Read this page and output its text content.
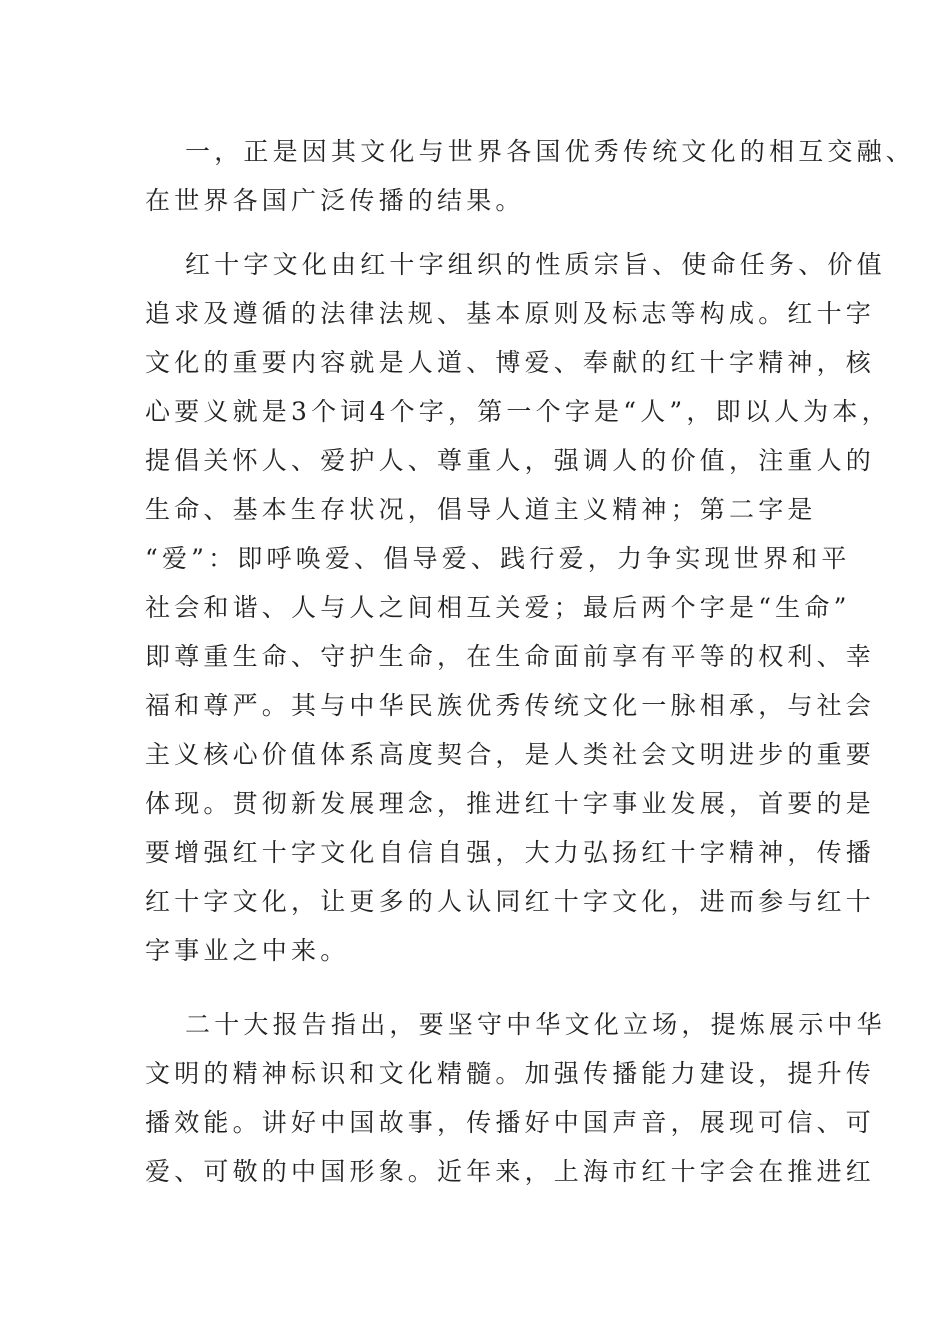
一，正是因其文化与世界各国优秀传统文化的相互交融、
在世界各国广泛传播的结果。
红十字文化由红十字组织的性质宗旨、使命任务、价值
追求及遵循的法律法规、基本原则及标志等构成。红十字
文化的重要内容就是人道、博爱、奉献的红十字精神，核
心要义就是3个词4个字，第一个字是“人”，即以人为本，
提倡关怀人、爱护人、尊重人，强调人的价值，注重人的
生命、基本生存状况，倡导人道主义精神；第二字是
“爱”：即呼唤爱、倡导爱、践行爱，力争实现世界和平
社会和谐、人与人之间相互关爱；最后两个字是“生命”
即尊重生命、守护生命，在生命面前享有平等的权利、幸
福和尊严。其与中华民族优秀传统文化一脉相承，与社会
主义核心价值体系高度契合，是人类社会文明进步的重要
体现。贯彻新发展理念，推进红十字事业发展，首要的是
要增强红十字文化自信自强，大力弘扬红十字精神，传播
红十字文化，让更多的人认同红十字文化，进而参与红十
字事业之中来。
二十大报告指出，要坚守中华文化立场，提炼展示中华
文明的精神标识和文化精髓。加强传播能力建设，提升传
播效能。讲好中国故事，传播好中国声音，展现可信、可
爱、可敬的中国形象。近年来，上海市红十字会在推进红
